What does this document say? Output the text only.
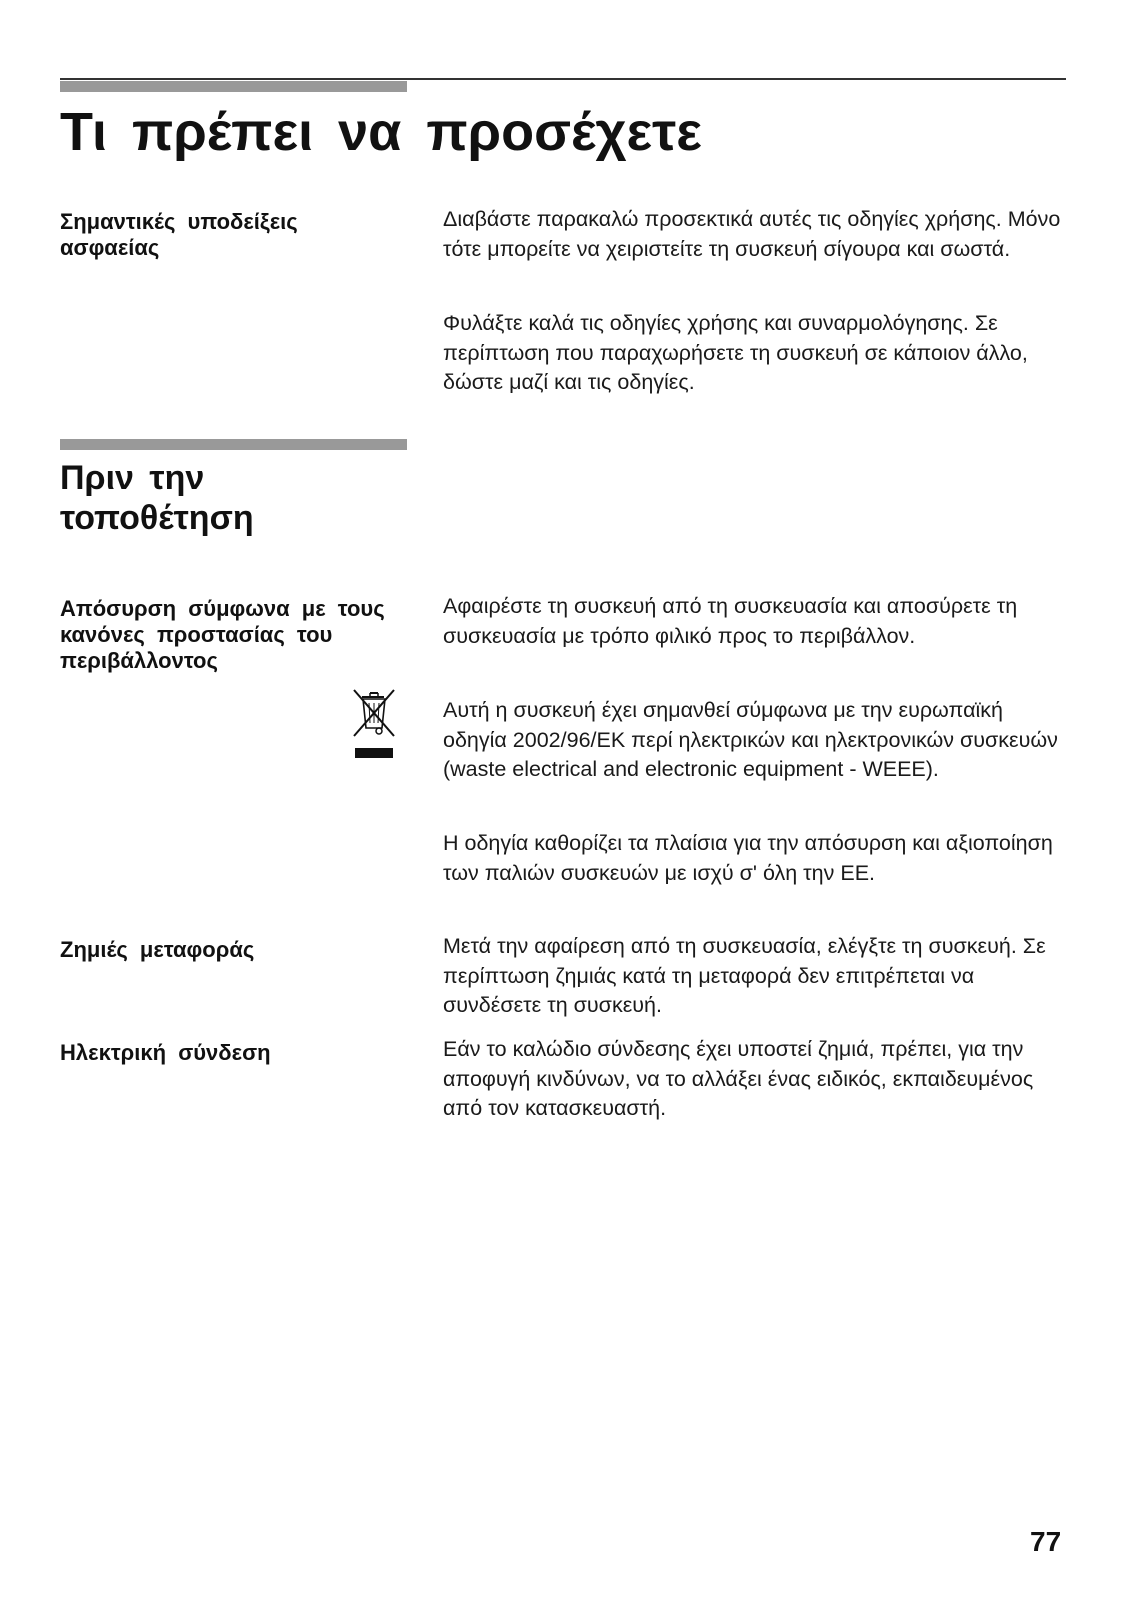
Τι πρέπει να προσέχετε
Σημαντικές υποδείξεις ασφαείας

Διαβάστε παρακαλώ προσεκτικά αυτές τις οδηγίες χρήσης. Μόνο τότε μπορείτε να χειριστείτε τη συσκευή σίγουρα και σωστά.

Φυλάξτε καλά τις οδηγίες χρήσης και συναρμολόγησης. Σε περίπτωση που παραχωρήσετε τη συσκευή σε κάποιον άλλο, δώστε μαζί και τις οδηγίες.

Πριν την τοποθέτηση
Απόσυρση σύμφωνα με τους κανόνες προστασίας του περιβάλλοντος

Αφαιρέστε τη συσκευή από τη συσκευασία και αποσύρετε τη συσκευασία με τρόπο φιλικό προς το περιβάλλον.

Αυτή η συσκευή έχει σημανθεί σύμφωνα με την ευρωπαϊκή οδηγία 2002/96/ΕΚ περί ηλεκτρικών και ηλεκτρονικών συσκευών (waste electrical and electronic equipment - WEEE).

Η οδηγία καθορίζει τα πλαίσια για την απόσυρση και αξιοποίηση των παλιών συσκευών με ισχύ σ' όλη την ΕΕ.

Ζημιές μεταφοράς	Μετά την αφαίρεση από τη συσκευασία, ελέγξτε τη συσκευή. Σε περίπτωση ζημιάς κατά τη μεταφορά δεν επιτρέπεται να συνδέσετε τη συσκευή.

Ηλεκτρική σύνδεση	Εάν το καλώδιο σύνδεσης έχει υποστεί ζημιά, πρέπει, για την αποφυγή κινδύνων, να το αλλάξει ένας ειδικός, εκπαιδευμένος από τον κατασκευαστή.

77
